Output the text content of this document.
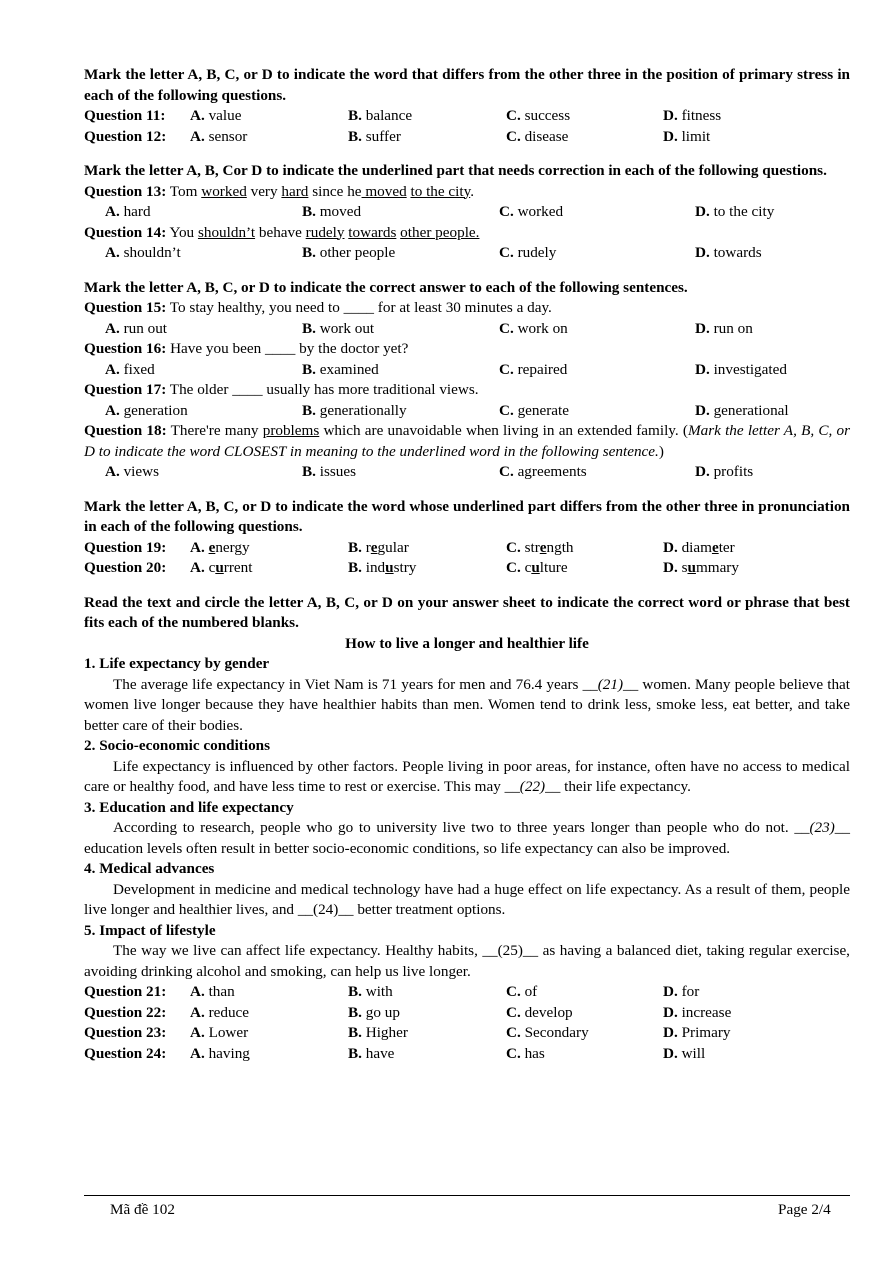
Mark the letter A, B, C, or D to indicate the word that differs from the other three in the position of primary stress in each of the following questions.
Question 11:	A. value	B. balance	C. success	D. fitness
Question 12:	A. sensor	B. suffer	C. disease	D. limit
Mark the letter A, B, Cor D to indicate the underlined part that needs correction in each of the following questions.
Question 13: Tom worked very hard since he moved to the city.
A. hard	B. moved	C. worked	D. to the city
Question 14: You shouldn’t behave rudely towards other people.
A. shouldn’t	B. other people	C. rudely	D. towards
Mark the letter A, B, C, or D to indicate the correct answer to each of the following sentences.
Question 15: To stay healthy, you need to ____ for at least 30 minutes a day.
A. run out	B. work out	C. work on	D. run on
Question 16: Have you been ____ by the doctor yet?
A. fixed	B. examined	C. repaired	D. investigated
Question 17: The older ____ usually has more traditional views.
A. generation	B. generationally	C. generate	D. generational
Question 18: There're many problems which are unavoidable when living in an extended family. (Mark the letter A, B, C, or D to indicate the word CLOSEST in meaning to the underlined word in the following sentence.)
A. views	B. issues	C. agreements	D. profits
Mark the letter A, B, C, or D to indicate the word whose underlined part differs from the other three in pronunciation in each of the following questions.
Question 19:	A. energy	B. regular	C. strength	D. diameter
Question 20:	A. current	B. industry	C. culture	D. summary
Read the text and circle the letter A, B, C, or D on your answer sheet to indicate the correct word or phrase that best fits each of the numbered blanks.
How to live a longer and healthier life
1. Life expectancy by gender
The average life expectancy in Viet Nam is 71 years for men and 76.4 years __(21)__ women. Many people believe that women live longer because they have healthier habits than men. Women tend to drink less, smoke less, eat better, and take better care of their bodies.
2. Socio-economic conditions
Life expectancy is influenced by other factors. People living in poor areas, for instance, often have no access to medical care or healthy food, and have less time to rest or exercise. This may __(22)__ their life expectancy.
3. Education and life expectancy
According to research, people who go to university live two to three years longer than people who do not. __(23)__ education levels often result in better socio-economic conditions, so life expectancy can also be improved.
4. Medical advances
Development in medicine and medical technology have had a huge effect on life expectancy. As a result of them, people live longer and healthier lives, and __(24)__ better treatment options.
5. Impact of lifestyle
The way we live can affect life expectancy. Healthy habits, __(25)__ as having a balanced diet, taking regular exercise, avoiding drinking alcohol and smoking, can help us live longer.
Question 21:	A. than	B. with	C. of	D. for
Question 22:	A. reduce	B. go up	C. develop	D. increase
Question 23:	A. Lower	B. Higher	C. Secondary	D. Primary
Question 24:	A. having	B. have	C. has	D. will
Mã đề 102	Page 2/4
